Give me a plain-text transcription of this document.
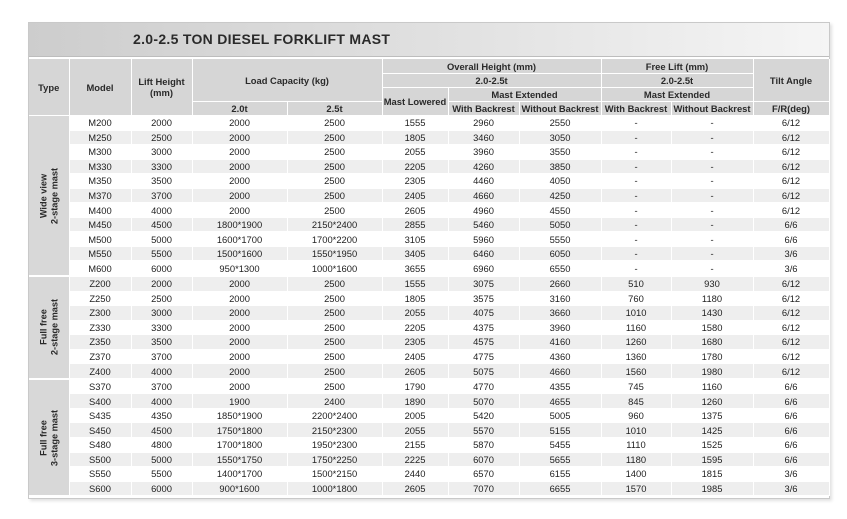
2.0-2.5 TON DIESEL FORKLIFT MAST
Type	Model	Lift Height (mm)	Load Capacity (kg)		Overall Height (mm)			Free Lift (mm)		Tilt Angle
					2.0-2.5t			2.0-2.5t		
					Mast Lowered	Mast Extended		Mast Extended		
			2.0t	2.5t		With Backrest	Without Backrest	With Backrest	Without Backrest	F/R(deg)

Wide view 2-stage mast	M200	2000	2000	2500	1555	2960	2550	-	-	6/12
	M250	2500	2000	2500	1805	3460	3050	-	-	6/12
	M300	3000	2000	2500	2055	3960	3550	-	-	6/12
	M330	3300	2000	2500	2205	4260	3850	-	-	6/12
	M350	3500	2000	2500	2305	4460	4050	-	-	6/12
	M370	3700	2000	2500	2405	4660	4250	-	-	6/12
	M400	4000	2000	2500	2605	4960	4550	-	-	6/12
	M450	4500	1800*1900	2150*2400	2855	5460	5050	-	-	6/6
	M500	5000	1600*1700	1700*2200	3105	5960	5550	-	-	6/6
	M550	5500	1500*1600	1550*1950	3405	6460	6050	-	-	3/6
	M600	6000	950*1300	1000*1600	3655	6960	6550	-	-	3/6

Full free 2-stage mast	Z200	2000	2000	2500	1555	3075	2660	510	930	6/12
	Z250	2500	2000	2500	1805	3575	3160	760	1180	6/12
	Z300	3000	2000	2500	2055	4075	3660	1010	1430	6/12
	Z330	3300	2000	2500	2205	4375	3960	1160	1580	6/12
	Z350	3500	2000	2500	2305	4575	4160	1260	1680	6/12
	Z370	3700	2000	2500	2405	4775	4360	1360	1780	6/12
	Z400	4000	2000	2500	2605	5075	4660	1560	1980	6/12

Full free 3-stage mast	S370	3700	2000	2500	1790	4770	4355	745	1160	6/6
	S400	4000	1900	2400	1890	5070	4655	845	1260	6/6
	S435	4350	1850*1900	2200*2400	2005	5420	5005	960	1375	6/6
	S450	4500	1750*1800	2150*2300	2055	5570	5155	1010	1425	6/6
	S480	4800	1700*1800	1950*2300	2155	5870	5455	1110	1525	6/6
	S500	5000	1550*1750	1750*2250	2225	6070	5655	1180	1595	6/6
	S550	5500	1400*1700	1500*2150	2440	6570	6155	1400	1815	3/6
	S600	6000	900*1600	1000*1800	2605	7070	6655	1570	1985	3/6
